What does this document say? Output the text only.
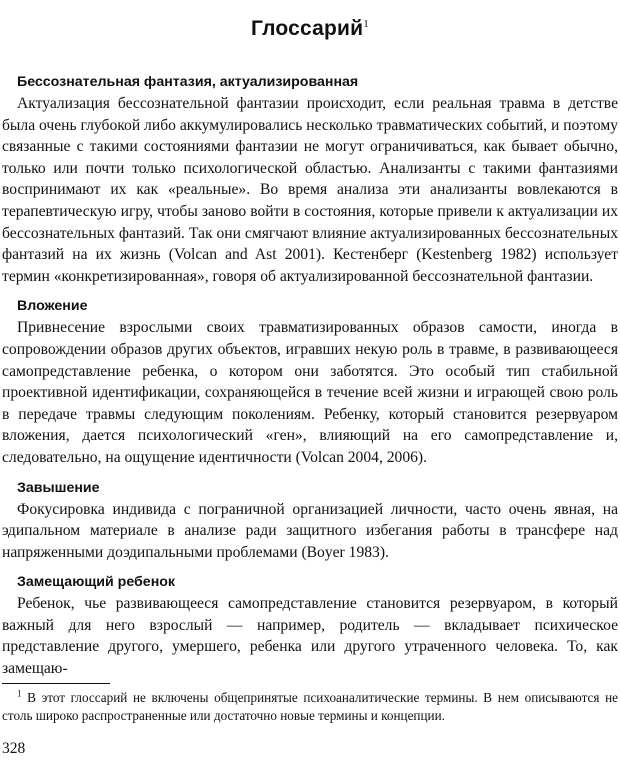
Глоссарий$^1$

Бессознательная фантазия, актуализированная

Актуализация бессознательной фантазии происходит, если реальная травма в детстве была очень глубокой либо аккумулировались несколько травматических событий, и поэтому связанные с такими состояниями фантазии не могут ограничиваться, как бывает обычно, только или почти только психологической областью. Анализанты с такими фантазиями воспринимают их как «реальные». Во время анализа эти анализанты вовлекаются в терапевтическую игру, чтобы заново войти в состояния, которые привели к актуализации их бессознательных фантазий. Так они смягчают влияние актуализированных бессознательных фантазий на их жизнь (Volcan and Ast 2001). Кестенберг (Kestenberg 1982) использует термин «конкретизированная», говоря об актуализированной бессознательной фантазии.

Вложение

Привнесение взрослыми своих травматизированных образов самости, иногда в сопровождении образов других объектов, игравших некую роль в травме, в развивающееся самопредставление ребенка, о котором они заботятся. Это особый тип стабильной проективной идентификации, сохраняющейся в течение всей жизни и играющей свою роль в передаче травмы следующим поколениям. Ребенку, который становится резервуаром вложения, дается психологический «ген», влияющий на его самопредставление и, следовательно, на ощущение идентичности (Volcan 2004, 2006).

Завышение

Фокусировка индивида с пограничной организацией личности, часто очень явная, на эдипальном материале в анализе ради защитного избегания работы в трансфере над напряженными доэдипальными проблемами (Boyer 1983).

Замещающий ребенок

Ребенок, чье развивающееся самопредставление становится резервуаром, в который важный для него взрослый — например, родитель — вкладывает психическое представление другого, умершего, ребенка или другого утраченного человека. То, как замещаю-

$^1$ В этот глоссарий не включены общепринятые психоаналитические термины. В нем описываются не столь широко распространенные или достаточно новые термины и концепции.

328
